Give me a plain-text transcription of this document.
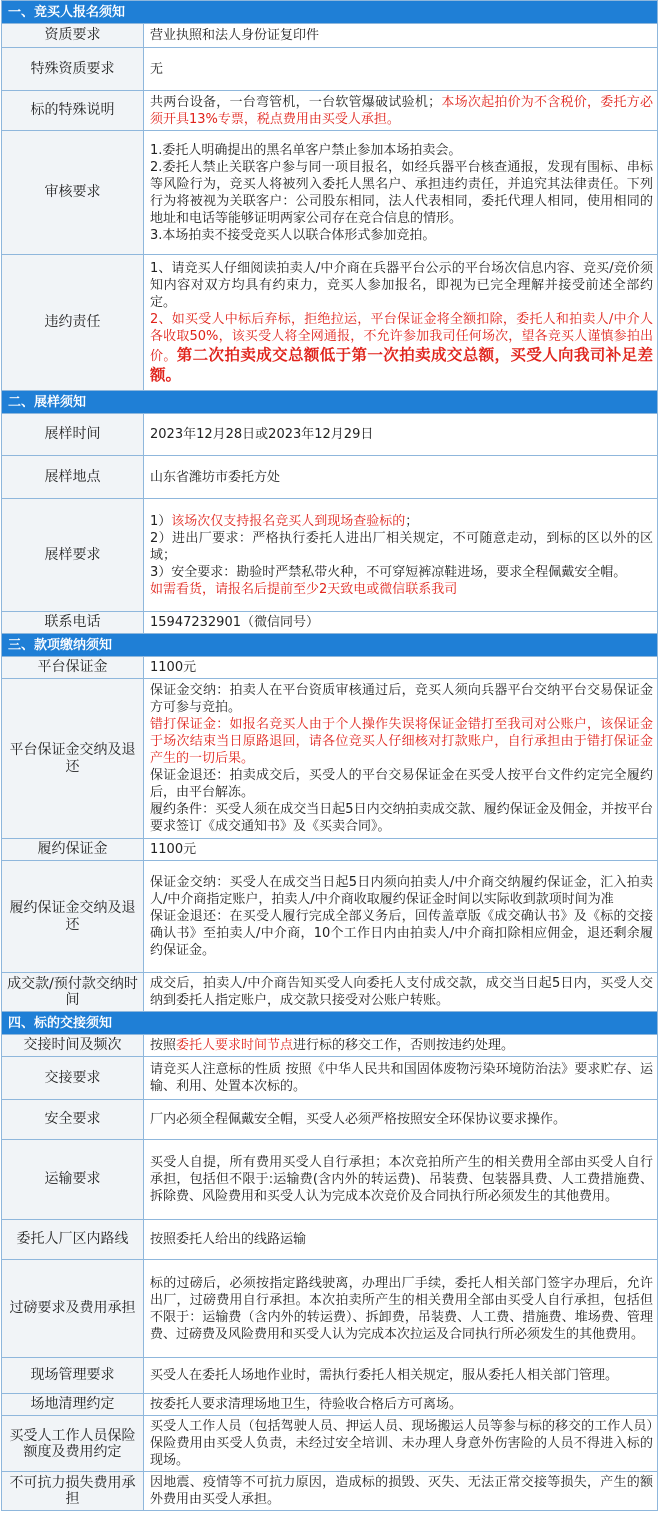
一、竞买人报名须知	
资质要求	营业执照和法人身份证复印件
特殊资质要求	无
标的特殊说明	共两台设备，一台弯管机，一台软管爆破试验机；本场次起拍价为不含税价，委托方必须开具13%专票，税点费用由买受人承担。
审核要求	1.委托人明确提出的黑名单客户禁止参加本场拍卖会。

2.委托人禁止关联客户参与同一项目报名，如经兵器平台核查通报，发现有围标、串标等风险行为，竞买人将被列入委托人黑名户、承担违约责任，并追究其法律责任。下列行为将被视为关联客户：公司股东相同，法人代表相同，委托代理人相同，使用相同的地址和电话等能够证明两家公司存在竞合信息的情形。

3.本场拍卖不接受竞买人以联合体形式参加竞拍。

违约责任	1、请竞买人仔细阅读拍卖人/中介商在兵器平台公示的平台场次信息内容、竞买/竞价须知内容对双方均具有约束力，竞买人参加报名，即视为已完全理解并接受前述全部约定。

2、如买受人中标后弃标，拒绝拉运，平台保证金将全额扣除，委托人和拍卖人/中介人各收取50%，该买受人将全网通报，不允许参加我司任何场次，望各竞买人谨慎参拍出价。第二次拍卖成交总额低于第一次拍卖成交总额，买受人向我司补足差额。

二、展样须知	
展样时间	2023年12月28日或2023年12月29日
展样地点	山东省潍坊市委托方处
展样要求	1）该场次仅支持报名竞买人到现场查验标的；

2）进出厂要求：严格执行委托人进出厂相关规定，不可随意走动，到标的区以外的区域；

3）安全要求：勘验时严禁私带火种，不可穿短裤凉鞋进场，要求全程佩戴安全帽。

如需看货，请报名后提前至少2天致电或微信联系我司

联系电话	15947232901（微信同号）
三、款项缴纳须知	
平台保证金	1100元
平台保证金交纳及退还	保证金交纳：拍卖人在平台资质审核通过后，竞买人须向兵器平台交纳平台交易保证金方可参与竞拍。

错打保证金：如报名竞买人由于个人操作失误将保证金错打至我司对公账户，该保证金于场次结束当日原路退回，请各位竞买人仔细核对打款账户，自行承担由于错打保证金产生的一切后果。

保证金退还：拍卖成交后，买受人的平台交易保证金在买受人按平台文件约定完全履约后，由平台解冻。

履约条件：买受人须在成交当日起5日内交纳拍卖成交款、履约保证金及佣金，并按平台要求签订《成交通知书》及《买卖合同》。

履约保证金	1100元
履约保证金交纳及退还	保证金交纳：买受人在成交当日起5日内须向拍卖人/中介商交纳履约保证金，汇入拍卖人/中介商指定账户，拍卖人/中介商收取履约保证金时间以实际收到款项时间为准

保证金退还：在买受人履行完成全部义务后，回传盖章版《成交确认书》及《标的交接确认书》至拍卖人/中介商，10个工作日内由拍卖人/中介商扣除相应佣金，退还剩余履约保证金。

成交款/预付款交纳时间	成交后，拍卖人/中介商告知买受人向委托人支付成交款，成交当日起5日内，买受人交纳到委托人指定账户，成交款只接受对公账户转账。
四、标的交接须知	
交接时间及频次	按照委托人要求时间节点进行标的移交工作，否则按违约处理。
交接要求	请竞买人注意标的性质 按照《中华人民共和国固体废物污染环境防治法》要求贮存、运输、利用、处置本次标的。
安全要求	厂内必须全程佩戴安全帽，买受人必须严格按照安全环保协议要求操作。
运输要求	买受人自提，所有费用买受人自行承担；本次竞拍所产生的相关费用全部由买受人自行承担，包括但不限于:运输费(含内外的转运费)、吊装费、包装器具费、人工费措施费、拆除费、风险费用和买受人认为完成本次竞价及合同执行所必须发生的其他费用。
委托人厂区内路线	按照委托人给出的线路运输
过磅要求及费用承担	标的过磅后，必须按指定路线驶离，办理出厂手续，委托人相关部门签字办理后，允许出厂，过磅费用自行承担。本次拍卖所产生的相关费用全部由买受人自行承担，包括但不限于：运输费（含内外的转运费）、拆卸费，吊装费、人工费、措施费、堆场费、管理费、过磅费及风险费用和买受人认为完成本次拉运及合同执行所必须发生的其他费用。
现场管理要求	买受人在委托人场地作业时，需执行委托人相关规定，服从委托人相关部门管理。
场地清理约定	按委托人要求清理场地卫生，待验收合格后方可离场。
买受人工作人员保险额度及费用约定	买受人工作人员（包括驾驶人员、押运人员、现场搬运人员等参与标的移交的工作人员）保险费用由买受人负责，未经过安全培训、未办理人身意外伤害险的人员不得进入标的现场。
不可抗力损失费用承担	因地震、疫情等不可抗力原因，造成标的损毁、灭失、无法正常交接等损失，产生的额外费用由买受人承担。
